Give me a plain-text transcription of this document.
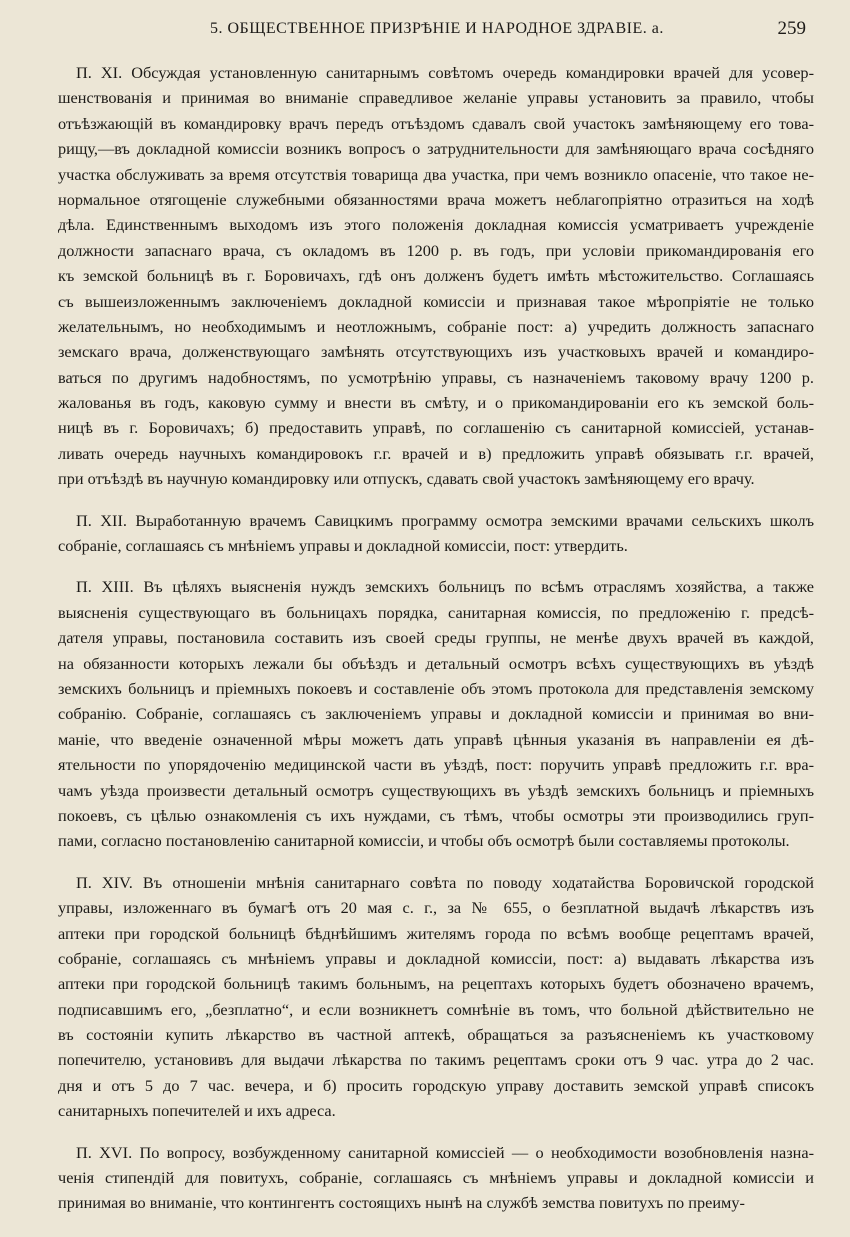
5. ОБЩЕСТВЕННОЕ ПРИЗРѢНІЕ И НАРОДНОЕ ЗДРАВІЕ. а.	259
П. XI. Обсуждая установленную санитарнымъ совѣтомъ очередь командировки врачей для усовер-
шенствованія и принимая во вниманіе справедливое желаніе управы установить за правило, чтобы
отъѣзжающій въ командировку врачъ передъ отъѣздомъ сдавалъ свой участокъ замѣняющему его това-
рищу,—въ докладной комиссіи возникъ вопросъ о затруднительности для замѣняющаго врача сосѣдняго
участка обслуживать за время отсутствія товарища два участка, при чемъ возникло опасеніе, что такое не-
нормальное отягощеніе служебными обязанностями врача можетъ неблагопріятно отразиться на ходѣ
дѣла. Единственнымъ выходомъ изъ этого положенія докладная комиссія усматриваетъ учрежденіе
должности запаснаго врача, съ окладомъ въ 1200 р. въ годъ, при условіи прикомандированія его
къ земской больницѣ въ г. Боровичахъ, гдѣ онъ долженъ будетъ имѣть мѣстожительство. Соглашаясь
съ вышеизложеннымъ заключеніемъ докладной комиссіи и признавая такое мѣропріятіе не только
желательнымъ, но необходимымъ и неотложнымъ, собраніе пост: а) учредить должность запаснаго
земскаго врача, долженствующаго замѣнять отсутствующихъ изъ участковыхъ врачей и командиро-
ваться по другимъ надобностямъ, по усмотрѣнію управы, съ назначеніемъ таковому врачу 1200 р.
жалованья въ годъ, каковую сумму и внести въ смѣту, и о прикомандированіи его къ земской боль-
ницѣ въ г. Боровичахъ; б) предоставить управѣ, по соглашенію съ санитарной комиссіей, устанав-
ливать очередь научныхъ командировокъ г.г. врачей и в) предложить управѣ обязывать г.г. врачей,
при отъѣздѣ въ научную командировку или отпускъ, сдавать свой участокъ замѣняющему его врачу.
П. XII. Выработанную врачемъ Савицкимъ программу осмотра земскими врачами сельскихъ школъ
собраніе, соглашаясь съ мнѣніемъ управы и докладной комиссіи, пост: утвердить.
П. XIII. Въ цѣляхъ выясненія нуждъ земскихъ больницъ по всѣмъ отраслямъ хозяйства, а также
выясненія существующаго въ больницахъ порядка, санитарная комиссія, по предложенію г. предсѣ-
дателя управы, постановила составить изъ своей среды группы, не менѣе двухъ врачей въ каждой,
на обязанности которыхъ лежали бы объѣздъ и детальный осмотръ всѣхъ существующихъ въ уѣздѣ
земскихъ больницъ и пріемныхъ покоевъ и составленіе объ этомъ протокола для представленія земскому
собранію. Собраніе, соглашаясь съ заключеніемъ управы и докладной комиссіи и принимая во вни-
маніе, что введеніе означенной мѣры можетъ дать управѣ цѣнныя указанія въ направленіи ея дѣ-
ятельности по упорядоченію медицинской части въ уѣздѣ, пост: поручить управѣ предложить г.г. вра-
чамъ уѣзда произвести детальный осмотръ существующихъ въ уѣздѣ земскихъ больницъ и пріемныхъ
покоевъ, съ цѣлью ознакомленія съ ихъ нуждами, съ тѣмъ, чтобы осмотры эти производились груп-
пами, согласно постановленію санитарной комиссіи, и чтобы объ осмотрѣ были составляемы протоколы.
П. XIV. Въ отношеніи мнѣнія санитарнаго совѣта по поводу ходатайства Боровичской городской
управы, изложеннаго въ бумагѣ отъ 20 мая с. г., за № 655, о безплатной выдачѣ лѣкарствъ изъ
аптеки при городской больницѣ бѣднѣйшимъ жителямъ города по всѣмъ вообще рецептамъ врачей,
собраніе, соглашаясь съ мнѣніемъ управы и докладной комиссіи, пост: а) выдавать лѣкарства изъ
аптеки при городской больницѣ такимъ больнымъ, на рецептахъ которыхъ будетъ обозначено врачемъ,
подписавшимъ его, „безплатно“, и если возникнетъ сомнѣніе въ томъ, что больной дѣйствительно не
въ состояніи купить лѣкарство въ частной аптекѣ, обращаться за разъясненіемъ къ участковому
попечителю, установивъ для выдачи лѣкарства по такимъ рецептамъ сроки отъ 9 час. утра до 2 час.
дня и отъ 5 до 7 час. вечера, и б) просить городскую управу доставить земской управѣ списокъ
санитарныхъ попечителей и ихъ адреса.
П. XVI. По вопросу, возбужденному санитарной комиссіей — о необходимости возобновленія назна-
ченія стипендій для повитухъ, собраніе, соглашаясь съ мнѣніемъ управы и докладной комиссіи и
принимая во вниманіе, что контингентъ состоящихъ нынѣ на службѣ земства повитухъ по преиму-
